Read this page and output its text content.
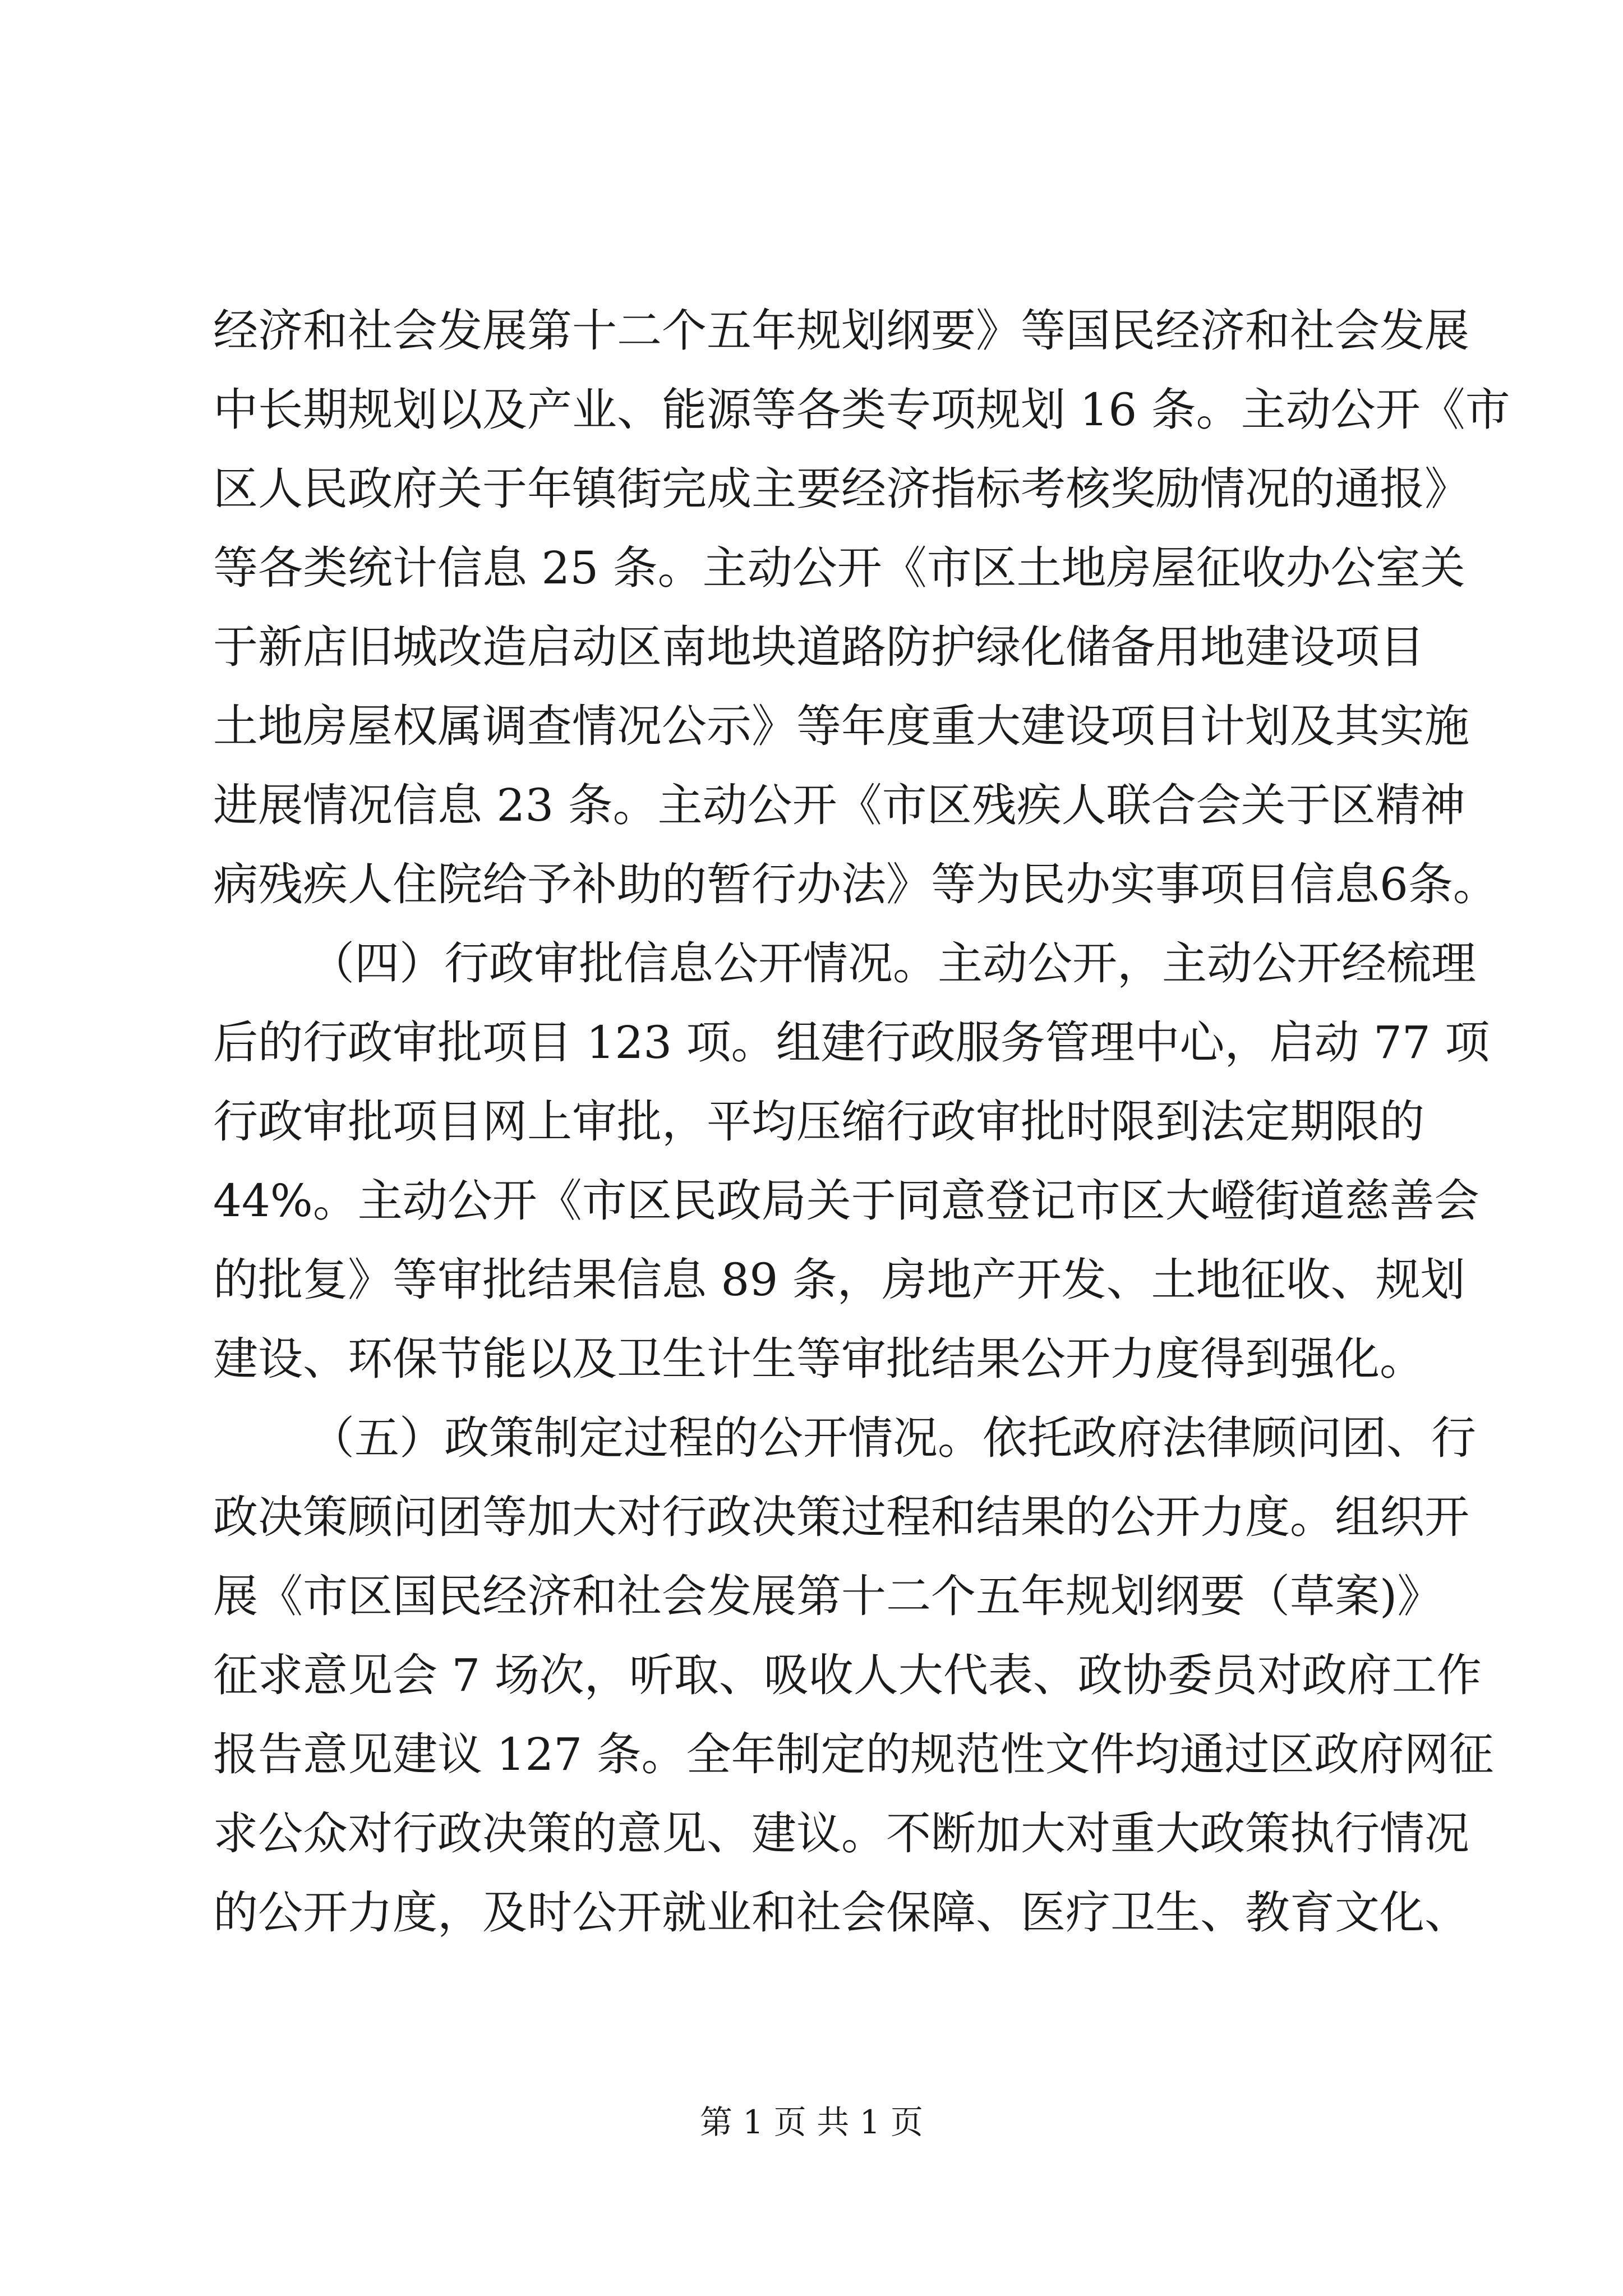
经济和社会发展第十二个五年规划纲要》等国民经济和社会发展
中长期规划以及产业、能源等各类专项规划 16 条。主动公开《市
区人民政府关于年镇街完成主要经济指标考核奖励情况的通报》
等各类统计信息 25 条。主动公开《市区土地房屋征收办公室关
于新店旧城改造启动区南地块道路防护绿化储备用地建设项目
土地房屋权属调查情况公示》等年度重大建设项目计划及其实施
进展情况信息 23 条。主动公开《市区残疾人联合会关于区精神
病残疾人住院给予补助的暂行办法》等为民办实事项目信息6条。
（四）行政审批信息公开情况。主动公开，主动公开经梳理
后的行政审批项目 123 项。组建行政服务管理中心，启动 77 项
行政审批项目网上审批，平均压缩行政审批时限到法定期限的
44%。主动公开《市区民政局关于同意登记市区大嶝街道慈善会
的批复》等审批结果信息 89 条，房地产开发、土地征收、规划
建设、环保节能以及卫生计生等审批结果公开力度得到强化。
（五）政策制定过程的公开情况。依托政府法律顾问团、行
政决策顾问团等加大对行政决策过程和结果的公开力度。组织开
展《市区国民经济和社会发展第十二个五年规划纲要（草案)》
征求意见会 7 场次，听取、吸收人大代表、政协委员对政府工作
报告意见建议 127 条。全年制定的规范性文件均通过区政府网征
求公众对行政决策的意见、建议。不断加大对重大政策执行情况
的公开力度，及时公开就业和社会保障、医疗卫生、教育文化、
第 1 页 共 1 页
